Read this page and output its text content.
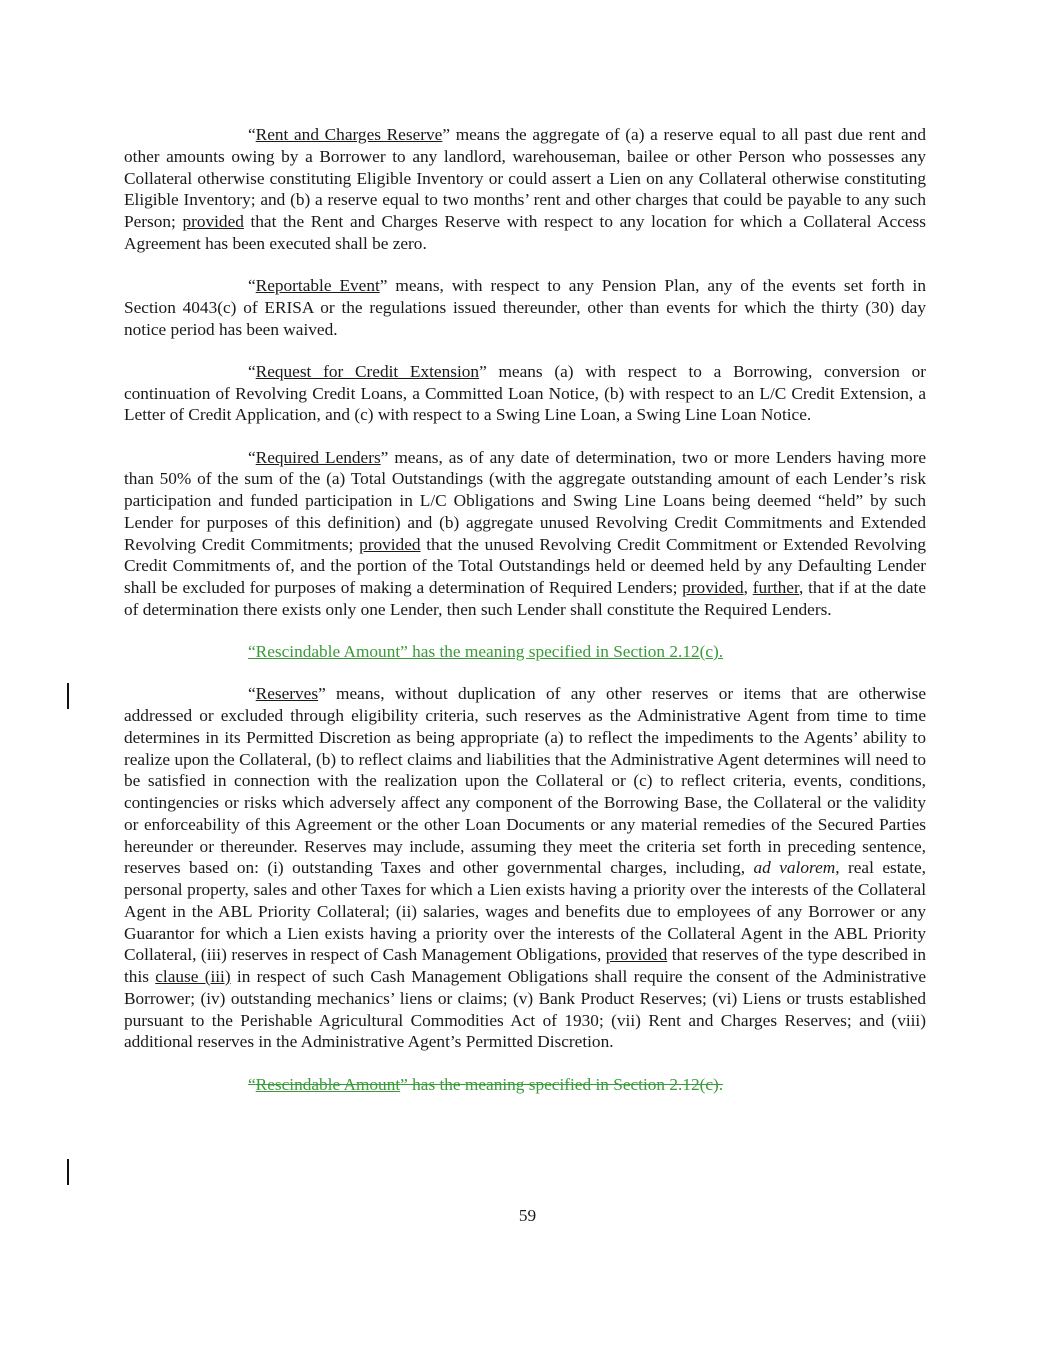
“Rent and Charges Reserve” means the aggregate of (a) a reserve equal to all past due rent and other amounts owing by a Borrower to any landlord, warehouseman, bailee or other Person who possesses any Collateral otherwise constituting Eligible Inventory or could assert a Lien on any Collateral otherwise constituting Eligible Inventory; and (b) a reserve equal to two months’ rent and other charges that could be payable to any such Person; provided that the Rent and Charges Reserve with respect to any location for which a Collateral Access Agreement has been executed shall be zero.

“Reportable Event” means, with respect to any Pension Plan, any of the events set forth in Section 4043(c) of ERISA or the regulations issued thereunder, other than events for which the thirty (30) day notice period has been waived.

“Request for Credit Extension” means (a) with respect to a Borrowing, conversion or continuation of Revolving Credit Loans, a Committed Loan Notice, (b) with respect to an L/C Credit Extension, a Letter of Credit Application, and (c) with respect to a Swing Line Loan, a Swing Line Loan Notice.

“Required Lenders” means, as of any date of determination, two or more Lenders having more than 50% of the sum of the (a) Total Outstandings (with the aggregate outstanding amount of each Lender’s risk participation and funded participation in L/C Obligations and Swing Line Loans being deemed “held” by such Lender for purposes of this definition) and (b) aggregate unused Revolving Credit Commitments and Extended Revolving Credit Commitments; provided that the unused Revolving Credit Commitment or Extended Revolving Credit Commitments of, and the portion of the Total Outstandings held or deemed held by any Defaulting Lender shall be excluded for purposes of making a determination of Required Lenders; provided, further, that if at the date of determination there exists only one Lender, then such Lender shall constitute the Required Lenders.

“Rescindable Amount” has the meaning specified in Section 2.12(c).

“Reserves” means, without duplication of any other reserves or items that are otherwise addressed or excluded through eligibility criteria, such reserves as the Administrative Agent from time to time determines in its Permitted Discretion as being appropriate (a) to reflect the impediments to the Agents’ ability to realize upon the Collateral, (b) to reflect claims and liabilities that the Administrative Agent determines will need to be satisfied in connection with the realization upon the Collateral or (c) to reflect criteria, events, conditions, contingencies or risks which adversely affect any component of the Borrowing Base, the Collateral or the validity or enforceability of this Agreement or the other Loan Documents or any material remedies of the Secured Parties hereunder or thereunder. Reserves may include, assuming they meet the criteria set forth in preceding sentence, reserves based on: (i) outstanding Taxes and other governmental charges, including, ad valorem, real estate, personal property, sales and other Taxes for which a Lien exists having a priority over the interests of the Collateral Agent in the ABL Priority Collateral; (ii) salaries, wages and benefits due to employees of any Borrower or any Guarantor for which a Lien exists having a priority over the interests of the Collateral Agent in the ABL Priority Collateral, (iii) reserves in respect of Cash Management Obligations, provided that reserves of the type described in this clause (iii) in respect of such Cash Management Obligations shall require the consent of the Administrative Borrower; (iv) outstanding mechanics’ liens or claims; (v) Bank Product Reserves; (vi) Liens or trusts established pursuant to the Perishable Agricultural Commodities Act of 1930; (vii) Rent and Charges Reserves; and (viii) additional reserves in the Administrative Agent’s Permitted Discretion.

“Rescindable Amount” has the meaning specified in Section 2.12(c).

59
